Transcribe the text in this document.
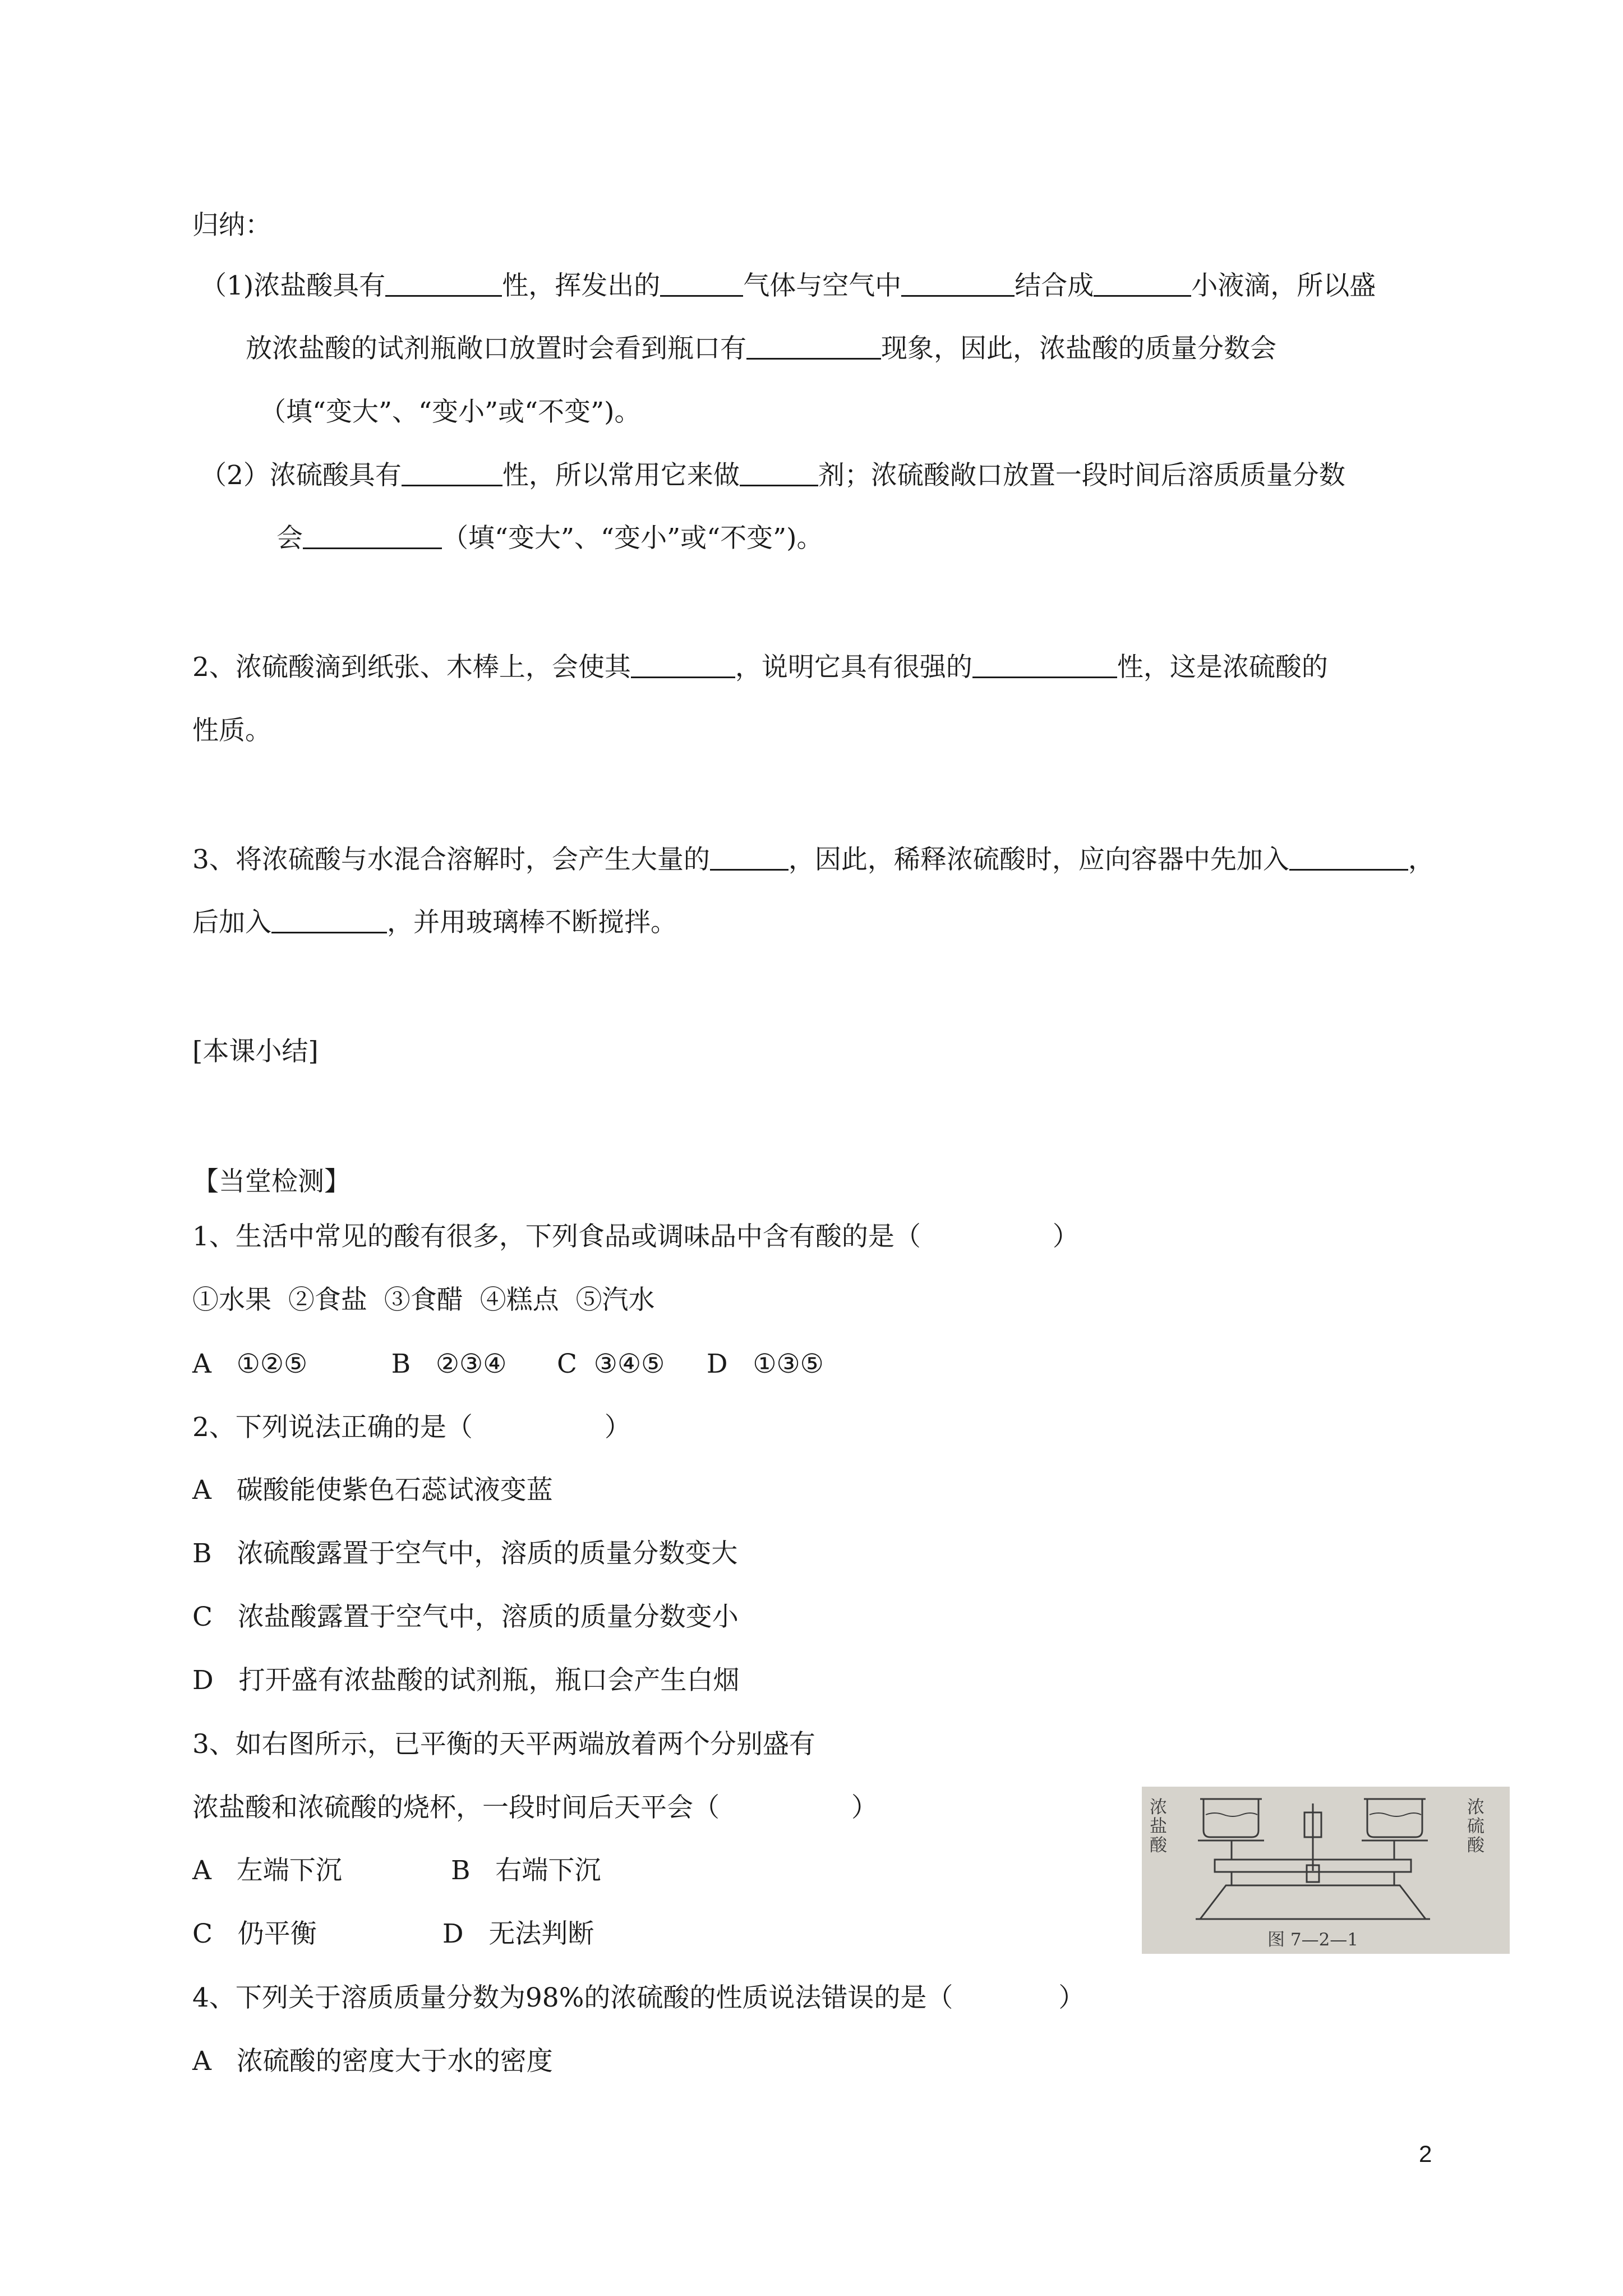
归纳：
（1)浓盐酸具有	性，挥发出的	气体与空气中	结合成	小液滴，所以盛
放浓盐酸的试剂瓶敞口放置时会看到瓶口有	现象，因此，浓盐酸的质量分数会
（填“变大”、“变小”或“不变”)。
（2）浓硫酸具有	性，所以常用它来做	剂；浓硫酸敞口放置一段时间后溶质质量分数
会	（填“变大”、“变小”或“不变”)。
2、浓硫酸滴到纸张、木棒上，会使其	，说明它具有很强的	性，这是浓硫酸的
性质。
3、将浓硫酸与水混合溶解时，会产生大量的	，因此，稀释浓硫酸时，应向容器中先加入	，
后加入	，并用玻璃棒不断搅拌。
[本课小结]
【当堂检测】
1、生活中常见的酸有很多，下列食品或调味品中含有酸的是（　　　　　）
①水果  ②食盐  ③食醋  ④糕点  ⑤汽水
A   ①②⑤          B   ②③④      C  ③④⑤     D   ①③⑤
2、下列说法正确的是（　　　　　）
A   碳酸能使紫色石蕊试液变蓝
B   浓硫酸露置于空气中，溶质的质量分数变大
C   浓盐酸露置于空气中，溶质的质量分数变小
D   打开盛有浓盐酸的试剂瓶，瓶口会产生白烟
3、如右图所示，已平衡的天平两端放着两个分别盛有
浓盐酸和浓硫酸的烧杯，一段时间后天平会（　　　　　）
A   左端下沉             B   右端下沉
C   仍平衡               D   无法判断
浓盐酸
浓硫酸
图 7—2—1
4、下列关于溶质质量分数为98%的浓硫酸的性质说法错误的是（　　　　）
A   浓硫酸的密度大于水的密度
2
